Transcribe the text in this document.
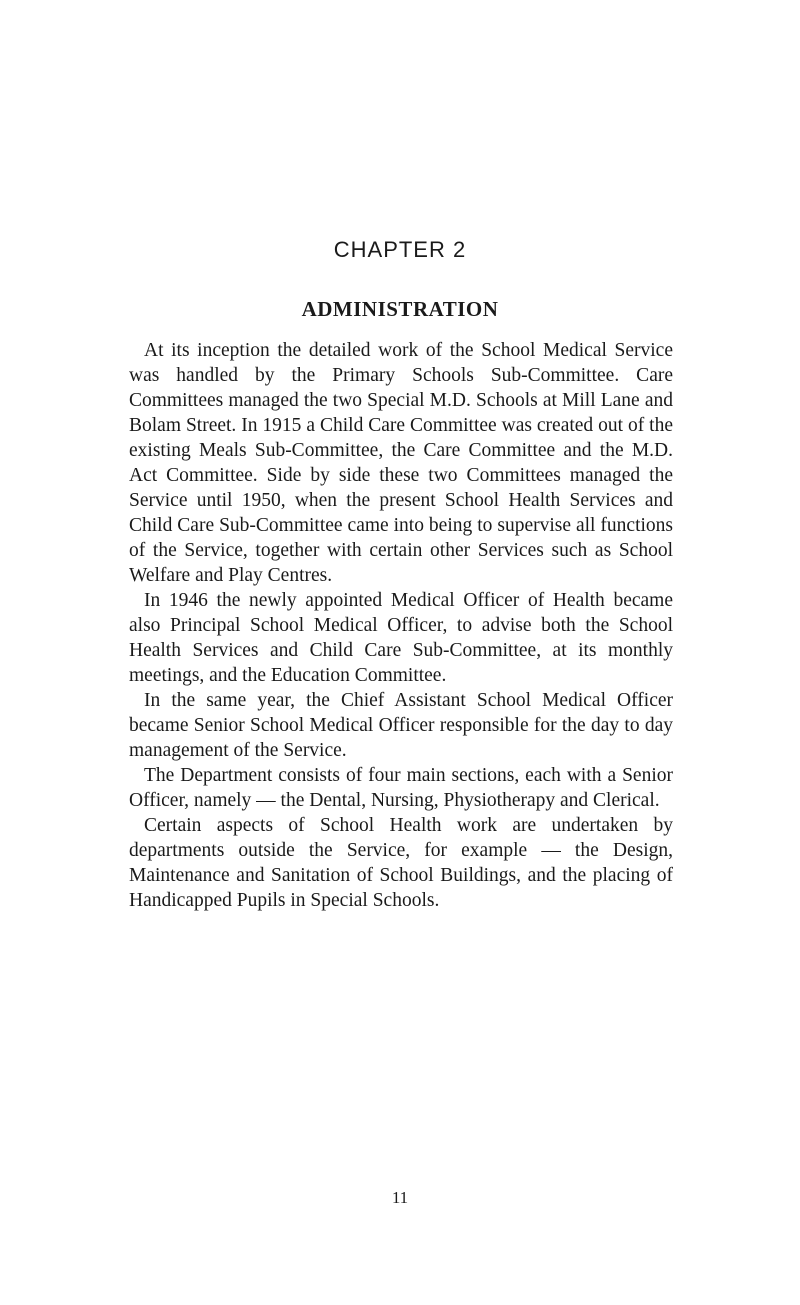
CHAPTER 2
ADMINISTRATION

At its inception the detailed work of the School Medical Service was handled by the Primary Schools Sub-Committee. Care Committees managed the two Special M.D. Schools at Mill Lane and Bolam Street. In 1915 a Child Care Committee was created out of the existing Meals Sub-Committee, the Care Committee and the M.D. Act Committee. Side by side these two Committees managed the Service until 1950, when the present School Health Services and Child Care Sub-Committee came into being to supervise all functions of the Service, together with certain other Services such as School Welfare and Play Centres.

In 1946 the newly appointed Medical Officer of Health became also Principal School Medical Officer, to advise both the School Health Services and Child Care Sub-Committee, at its monthly meetings, and the Education Committee.

In the same year, the Chief Assistant School Medical Officer became Senior School Medical Officer responsible for the day to day management of the Service.

The Department consists of four main sections, each with a Senior Officer, namely — the Dental, Nursing, Physiotherapy and Clerical.

Certain aspects of School Health work are undertaken by departments outside the Service, for example — the Design, Maintenance and Sanitation of School Buildings, and the placing of Handicapped Pupils in Special Schools.

11
